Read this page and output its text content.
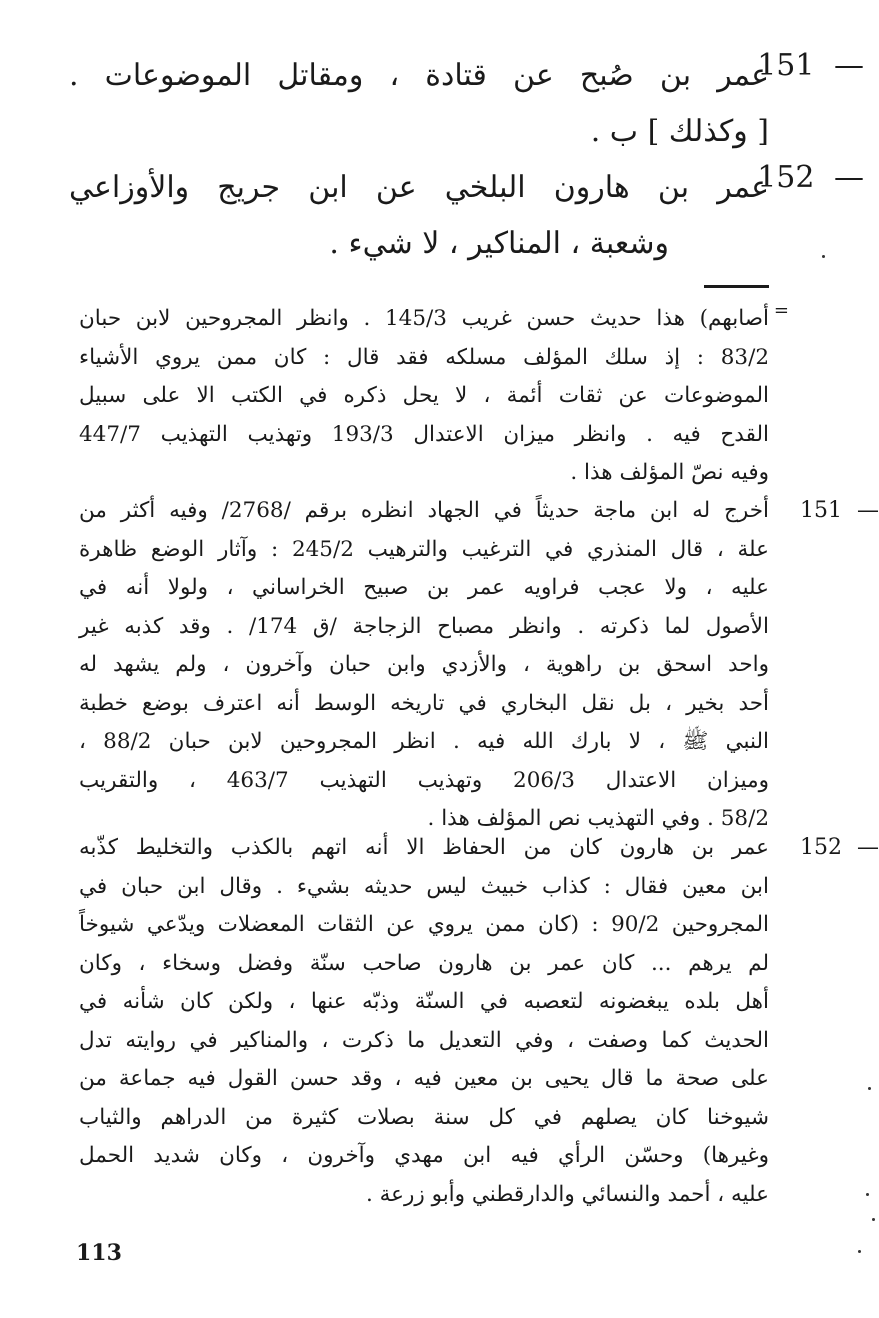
151 —
عمر بن صُبح عن قتادة ، ومقاتل الموضوعات .
[ وكذلك ] ب .
152 —
عمر بن هارون البلخي عن ابن جريج والأوزاعي
وشعبة ، المناكير ، لا شيء .
=
أصابهم) هذا حديث حسن غريب 145/3 . وانظر المجروحين لابن حبان
83/2 : إذ سلك المؤلف مسلكه فقد قال : كان ممن يروي الأشياء
الموضوعات عن ثقات أئمة ، لا يحل ذكره في الكتب الا على سبيل
القدح فيه . وانظر ميزان الاعتدال 193/3 وتهذيب التهذيب 447/7
وفيه نصّ المؤلف هذا .
151 —
أخرج له ابن ماجة حديثاً في الجهاد انظره برقم /2768/ وفيه أكثر من
علة ، قال المنذري في الترغيب والترهيب 245/2 : وآثار الوضع ظاهرة
عليه ، ولا عجب فراويه عمر بن صبيح الخراساني ، ولولا أنه في
الأصول لما ذكرته . وانظر مصباح الزجاجة /ق 174/ . وقد كذبه غير
واحد اسحق بن راهوية ، والأزدي وابن حبان وآخرون ، ولم يشهد له
أحد بخير ، بل نقل البخاري في تاريخه الوسط أنه اعترف بوضع خطبة
النبي ﷺ ، لا بارك الله فيه . انظر المجروحين لابن حبان 88/2 ،
وميزان الاعتدال 206/3 وتهذيب التهذيب 463/7 ، والتقريب
58/2 . وفي التهذيب نص المؤلف هذا .
152 —
عمر بن هارون كان من الحفاظ الا أنه اتهم بالكذب والتخليط كذّبه
ابن معين فقال : كذاب خبيث ليس حديثه بشيء . وقال ابن حبان في
المجروحين 90/2 : (كان ممن يروي عن الثقات المعضلات ويدّعي شيوخاً
لم يرهم ... كان عمر بن هارون صاحب سنّة وفضل وسخاء ، وكان
أهل بلده يبغضونه لتعصبه في السنّة وذبّه عنها ، ولكن كان شأنه في
الحديث كما وصفت ، وفي التعديل ما ذكرت ، والمناكير في روايته تدل
على صحة ما قال يحيى بن معين فيه ، وقد حسن القول فيه جماعة من
شيوخنا كان يصلهم في كل سنة بصلات كثيرة من الدراهم والثياب
وغيرها) وحسّن الرأي فيه ابن مهدي وآخرون ، وكان شديد الحمل
عليه ، أحمد والنسائي والدارقطني وأبو زرعة .
113
